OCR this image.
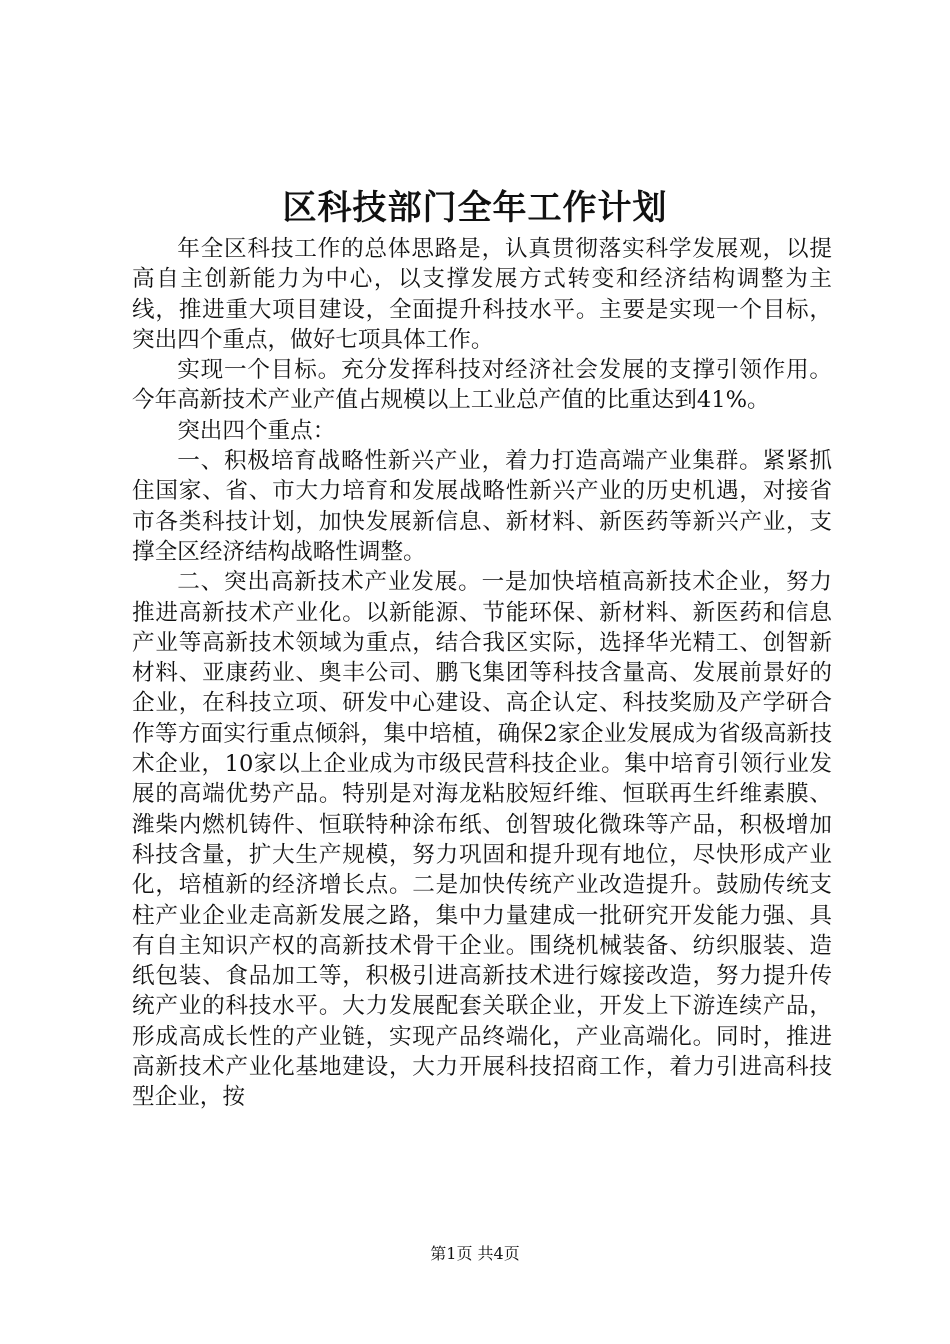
区科技部门全年工作计划

年全区科技工作的总体思路是，认真贯彻落实科学发展观，以提高自主创新能力为中心，以支撑发展方式转变和经济结构调整为主线，推进重大项目建设，全面提升科技水平。主要是实现一个目标，突出四个重点，做好七项具体工作。

实现一个目标。充分发挥科技对经济社会发展的支撑引领作用。今年高新技术产业产值占规模以上工业总产值的比重达到41%。

突出四个重点：

一、积极培育战略性新兴产业，着力打造高端产业集群。紧紧抓住国家、省、市大力培育和发展战略性新兴产业的历史机遇，对接省市各类科技计划，加快发展新信息、新材料、新医药等新兴产业，支撑全区经济结构战略性调整。

二、突出高新技术产业发展。一是加快培植高新技术企业，努力推进高新技术产业化。以新能源、节能环保、新材料、新医药和信息产业等高新技术领域为重点，结合我区实际，选择华光精工、创智新材料、亚康药业、奥丰公司、鹏飞集团等科技含量高、发展前景好的企业，在科技立项、研发中心建设、高企认定、科技奖励及产学研合作等方面实行重点倾斜，集中培植，确保2家企业发展成为省级高新技术企业，10家以上企业成为市级民营科技企业。集中培育引领行业发展的高端优势产品。特别是对海龙粘胶短纤维、恒联再生纤维素膜、潍柴内燃机铸件、恒联特种涂布纸、创智玻化微珠等产品，积极增加科技含量，扩大生产规模，努力巩固和提升现有地位，尽快形成产业化，培植新的经济增长点。二是加快传统产业改造提升。鼓励传统支柱产业企业走高新发展之路，集中力量建成一批研究开发能力强、具有自主知识产权的高新技术骨干企业。围绕机械装备、纺织服装、造纸包装、食品加工等，积极引进高新技术进行嫁接改造，努力提升传统产业的科技水平。大力发展配套关联企业，开发上下游连续产品，形成高成长性的产业链，实现产品终端化，产业高端化。同时，推进高新技术产业化基地建设，大力开展科技招商工作，着力引进高科技型企业，按

第1页 共4页
